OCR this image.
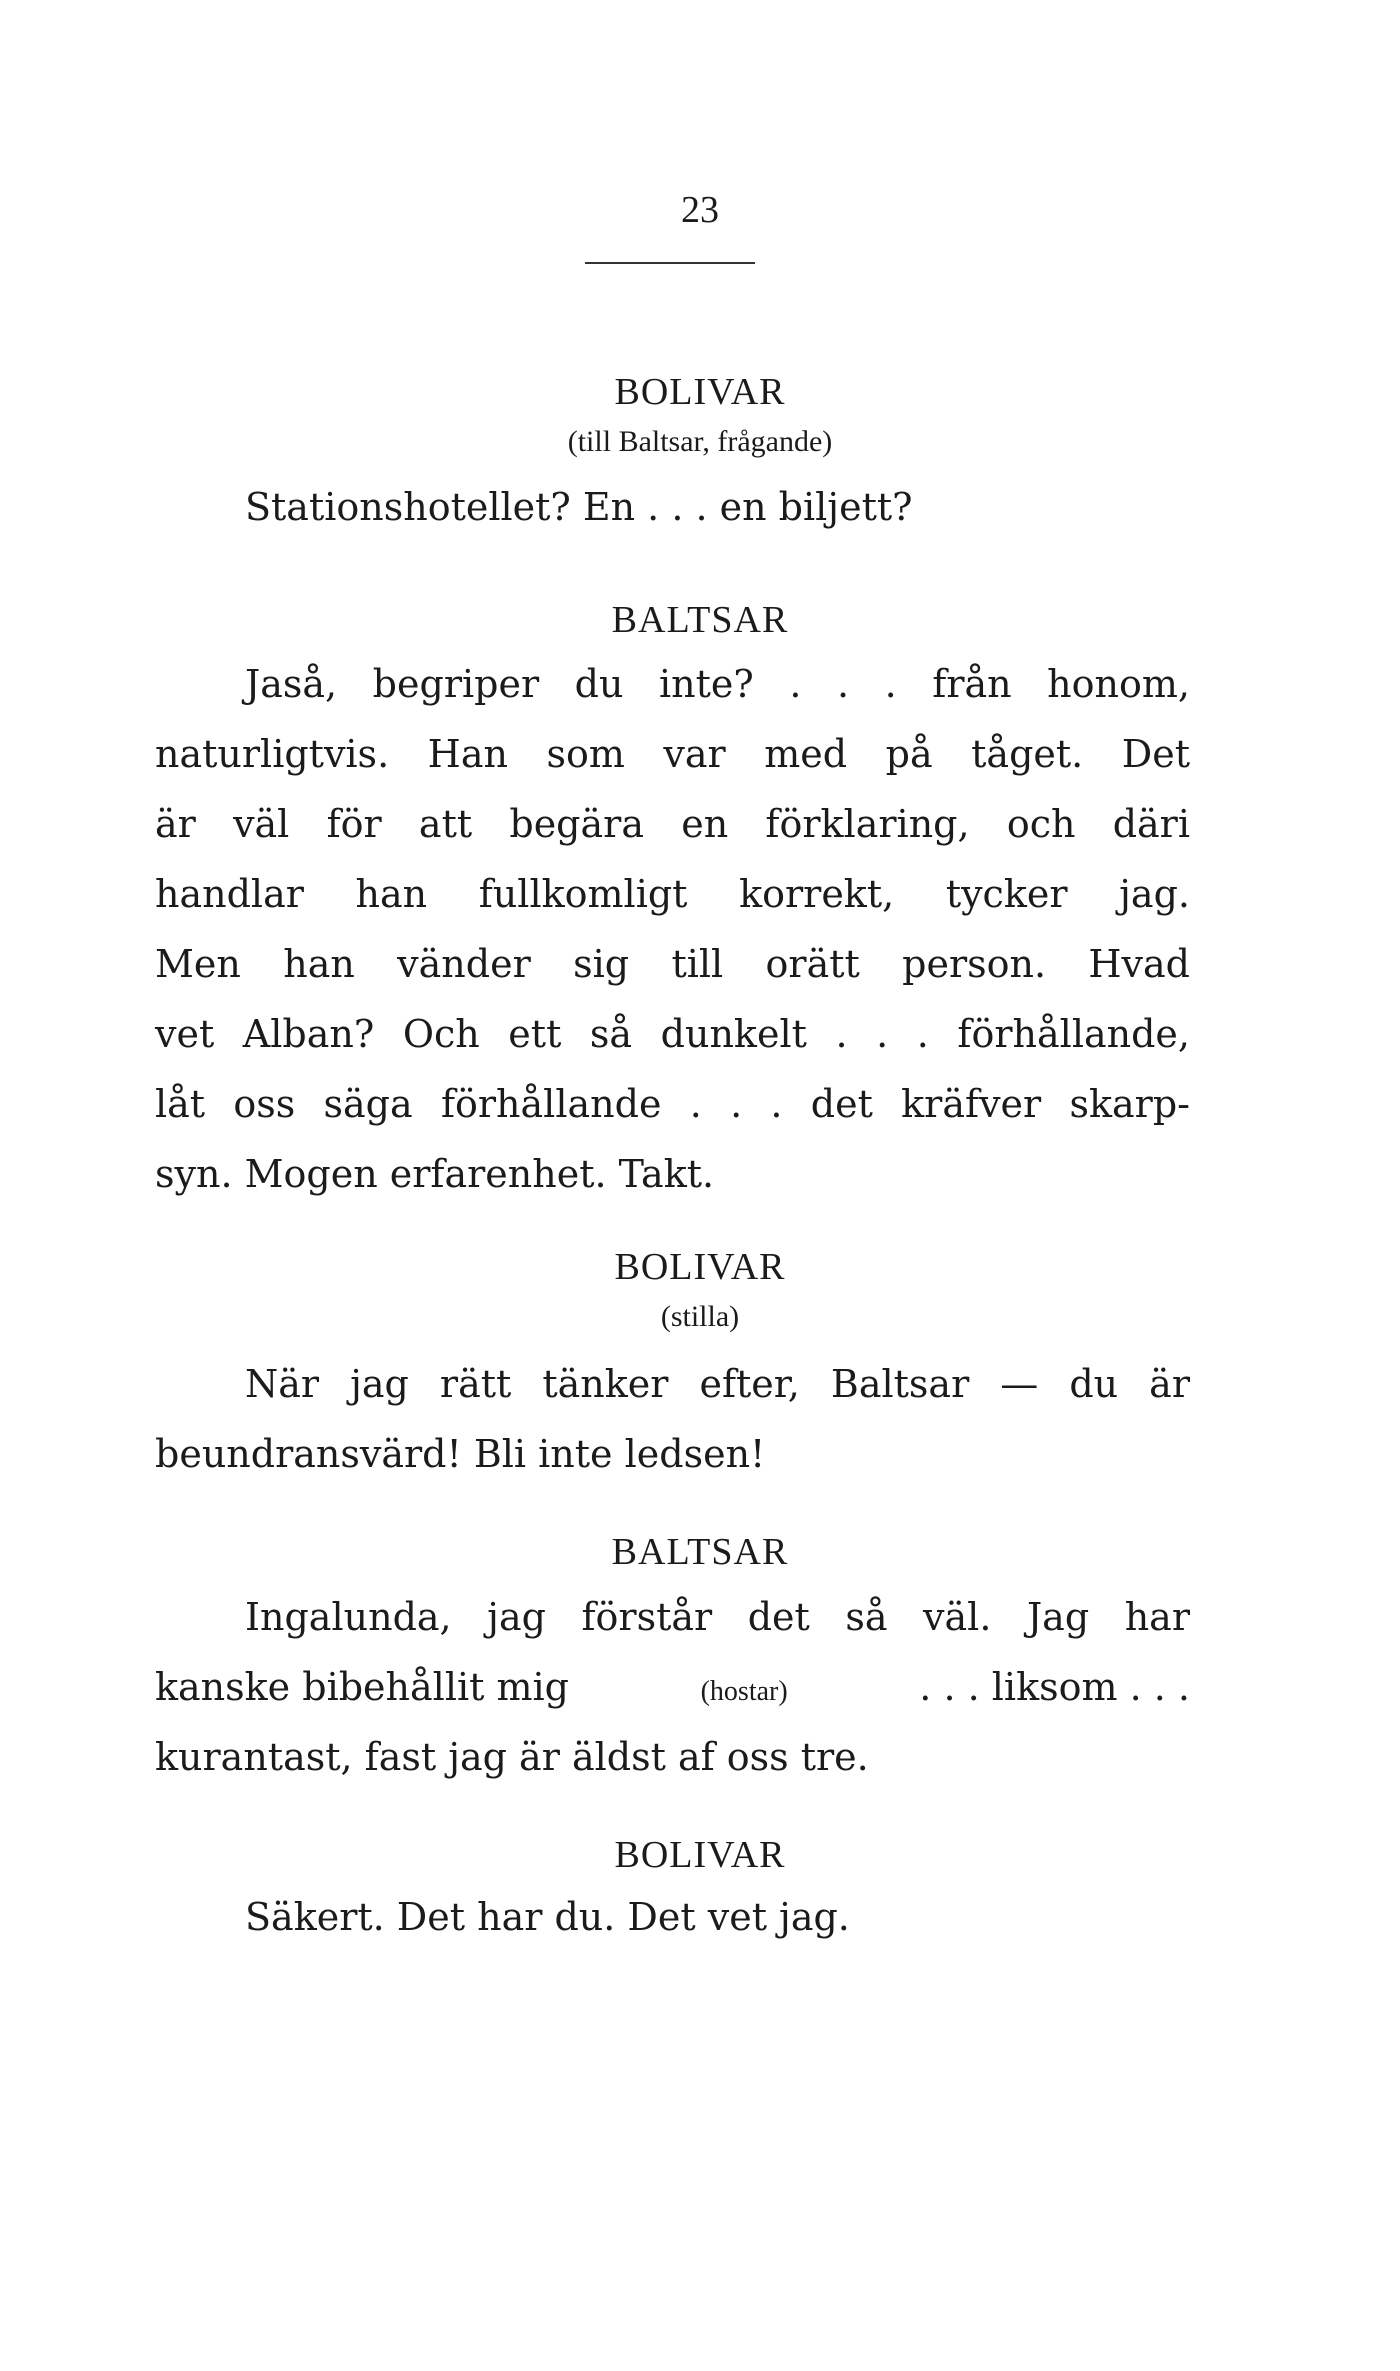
23
BOLIVAR
(till Baltsar, frågande)
Stationshotellet? En . . . en biljett?
BALTSAR
Jaså, begriper du inte? . . . från honom,
naturligtvis. Han som var med på tåget. Det
är väl för att begära en förklaring, och däri
handlar han fullkomligt korrekt, tycker jag.
Men han vänder sig till orätt person. Hvad
vet Alban? Och ett så dunkelt . . . förhållande,
låt oss säga förhållande . . . det kräfver skarp-
syn. Mogen erfarenhet. Takt.
BOLIVAR
(stilla)
När jag rätt tänker efter, Baltsar — du är
beundransvärd! Bli inte ledsen!
BALTSAR
Ingalunda, jag förstår det så väl. Jag har
kanske bibehållit mig	(hostar)	. . . liksom . . .
kurantast, fast jag är äldst af oss tre.
BOLIVAR
Säkert. Det har du. Det vet jag.
